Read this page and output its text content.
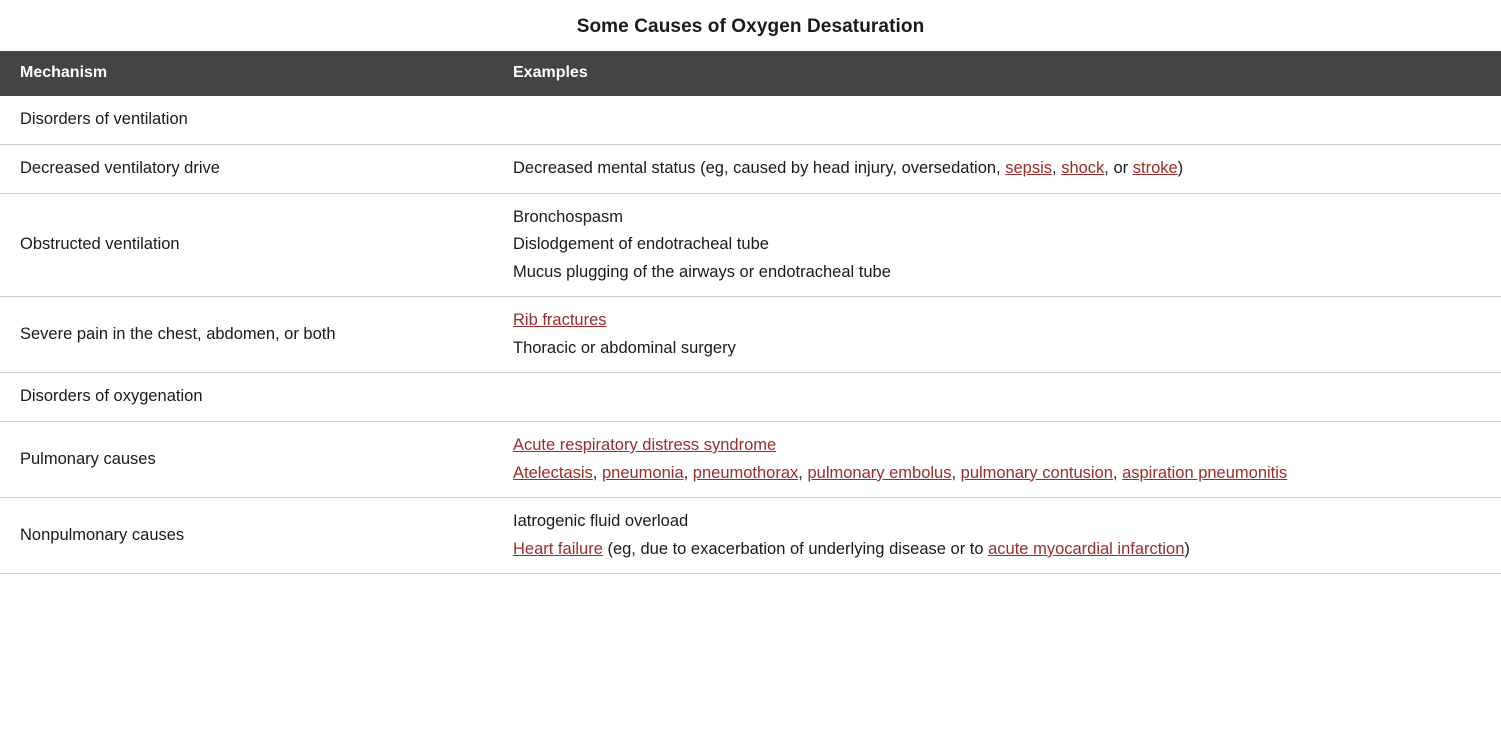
Some Causes of Oxygen Desaturation
Mechanism	Examples
Disorders of ventilation	
Decreased ventilatory drive	Decreased mental status (eg, caused by head injury, oversedation, sepsis, shock, or stroke)

Obstructed ventilation	Bronchospasm
Dislodgement of endotracheal tube
Mucus plugging of the airways or endotracheal tube

Severe pain in the chest, abdomen, or both	Rib fractures
Thoracic or abdominal surgery

Disorders of oxygenation	
Pulmonary causes	Acute respiratory distress syndrome
Atelectasis, pneumonia, pneumothorax, pulmonary embolus, pulmonary contusion, aspiration pneumonitis

Nonpulmonary causes	Iatrogenic fluid overload
Heart failure (eg, due to exacerbation of underlying disease or to acute myocardial infarction)
